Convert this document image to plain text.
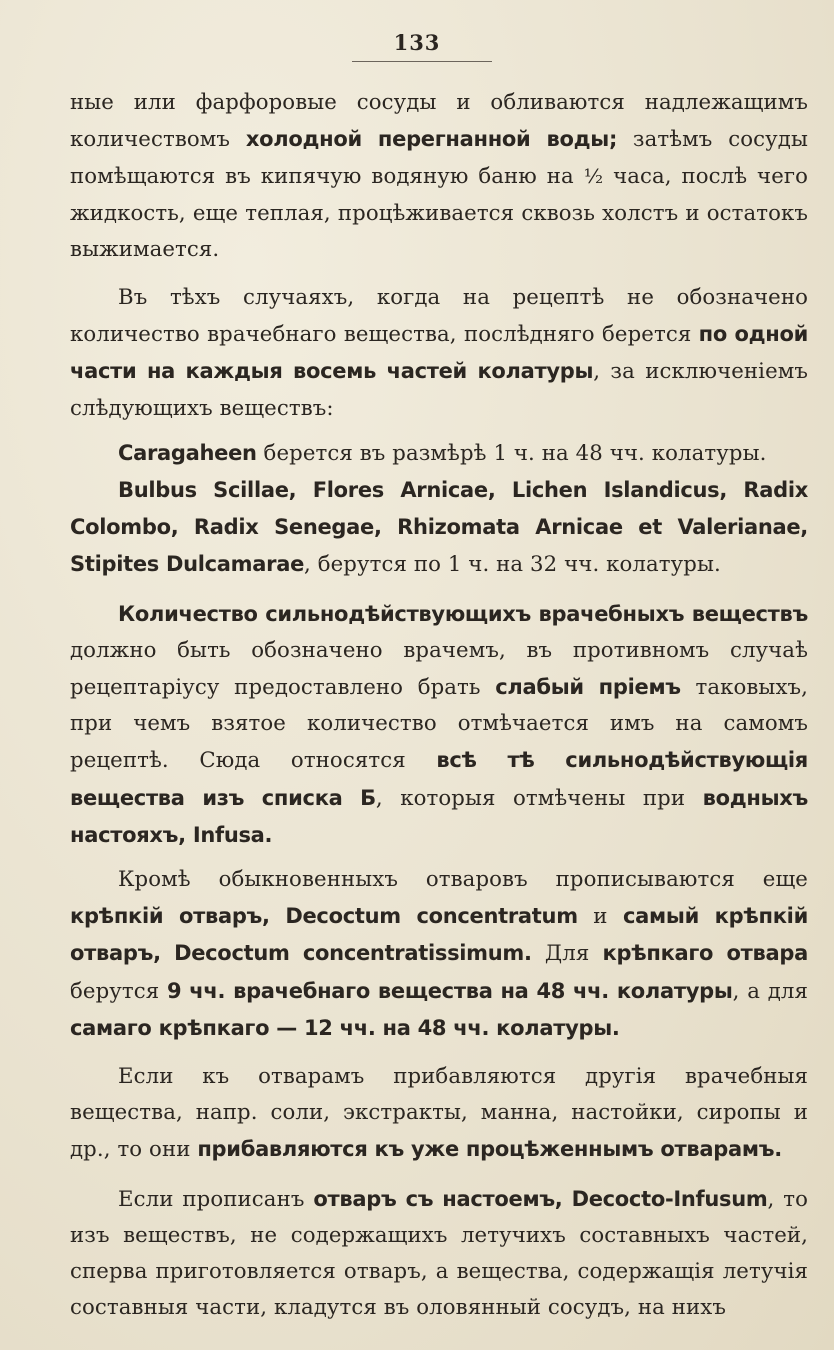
133

ные или фарфоровые сосуды и обливаются надлежащимъ количествомъ холодной перегнанной воды; затѣмъ сосуды помѣщаются въ кипячую водяную баню на ½ часа, послѣ чего жидкость, еще теплая, процѣживается сквозь холстъ и остатокъ выжимается.

Въ тѣхъ случаяхъ, когда на рецептѣ не обозначено количество врачебнаго вещества, послѣдняго берется по одной части на каждыя восемь частей колатуры, за исключенiемъ слѣдующихъ веществъ:

Caragaheen берется въ размѣрѣ 1 ч. на 48 чч. колатуры.

Bulbus Scillae, Flores Arnicae, Lichen Islandicus, Radix Colombo, Radix Senegae, Rhizomata Arnicae et Valerianae, Stipites Dulcamarae, берутся по 1 ч. на 32 чч. колатуры.

Количество сильнодѣйствующихъ врачебныхъ веществъ должно быть обозначено врачемъ, въ противномъ случаѣ рецептарiусу предоставлено брать слабый прiемъ таковыхъ, при чемъ взятое количество отмѣчается имъ на самомъ рецептѣ. Сюда относятся всѣ тѣ сильнодѣйствующiя вещества изъ списка Б, которыя отмѣчены при водныхъ настояхъ, Infusa.

Кромѣ обыкновенныхъ отваровъ прописываются еще крѣпкiй отваръ, Decoctum concentratum и самый крѣпкiй отваръ, Decoctum concentratissimum. Для крѣпкаго отвара берутся 9 чч. врачебнаго вещества на 48 чч. колатуры, а для самаго крѣпкаго — 12 чч. на 48 чч. колатуры.

Если къ отварамъ прибавляются другiя врачебныя вещества, напр. соли, экстракты, манна, настойки, сиропы и др., то они прибавляются къ уже процѣженнымъ отварамъ.

Если прописанъ отваръ съ настоемъ, Decocto-Infusum, то изъ веществъ, не содержащихъ летучихъ составныхъ частей, сперва приготовляется отваръ, а вещества, содержащiя летучiя составныя части, кладутся въ оловянный сосудъ, на нихъ
